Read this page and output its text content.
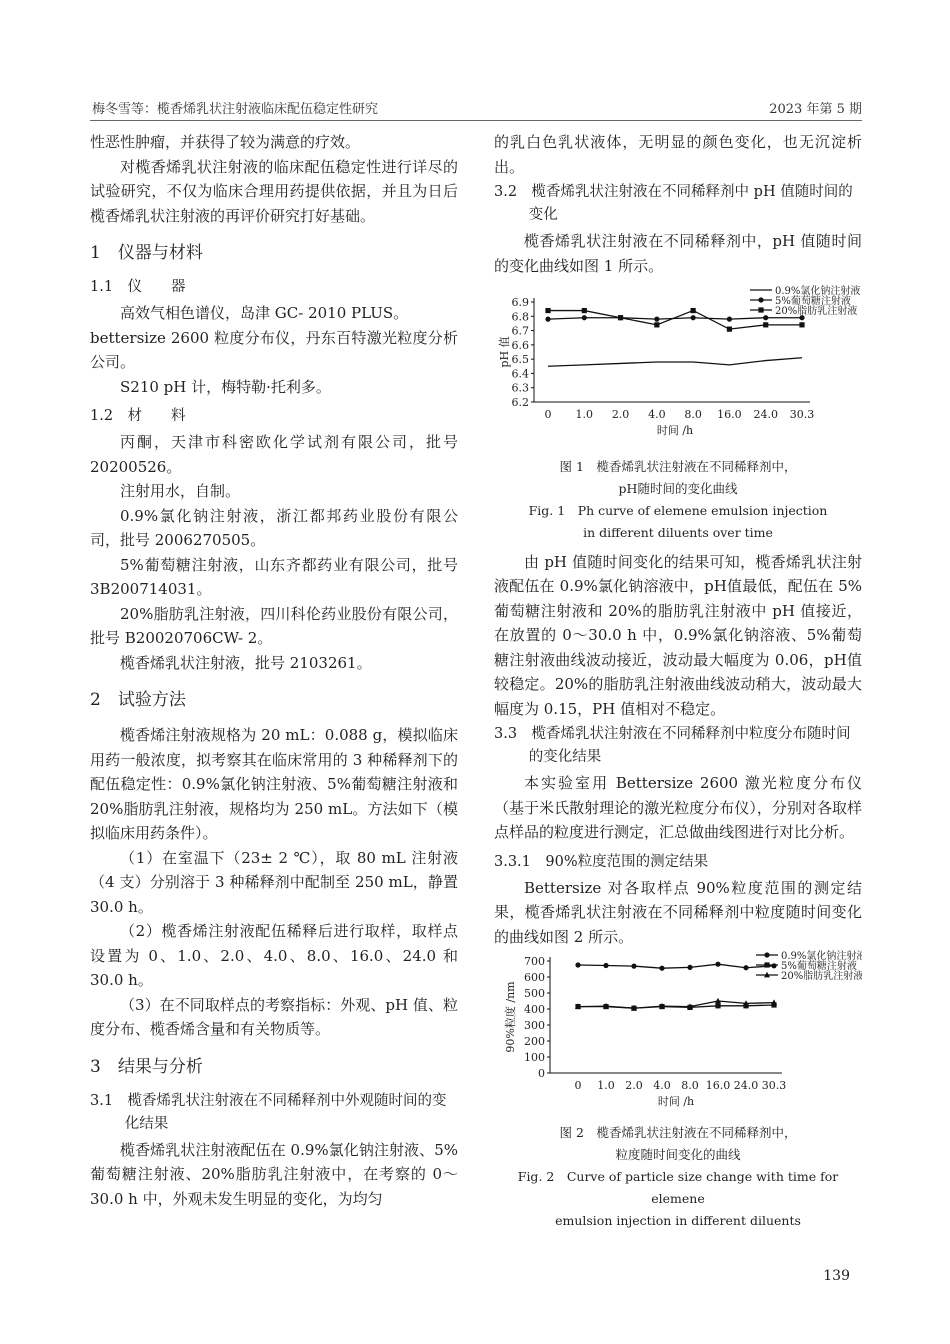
梅冬雪等：榄香烯乳状注射液临床配伍稳定性研究	2023 年第 5 期

性恶性肿瘤，并获得了较为满意的疗效。

对榄香烯乳状注射液的临床配伍稳定性进行详尽的试验研究，不仅为临床合理用药提供依据，并且为日后榄香烯乳状注射液的再评价研究打好基础。

1　仪器与材料
1.1　仪　　器

高效气相色谱仪，岛津 GC- 2010 PLUS。

bettersize 2600 粒度分布仪，丹东百特激光粒度分析公司。

S210 pH 计，梅特勒·托利多。

1.2　材　　料

丙酮，天津市科密欧化学试剂有限公司，批号 20200526。

注射用水，自制。

0.9%氯化钠注射液，浙江都邦药业股份有限公司，批号 2006270505。

5%葡萄糖注射液，山东齐都药业有限公司，批号 3B200714031。

20%脂肪乳注射液，四川科伦药业股份有限公司，批号 B20020706CW- 2。

榄香烯乳状注射液，批号 2103261。

2　试验方法

榄香烯注射液规格为 20 mL：0.088 g，模拟临床用药一般浓度，拟考察其在临床常用的 3 种稀释剂下的配伍稳定性：0.9%氯化钠注射液、5%葡萄糖注射液和 20%脂肪乳注射液，规格均为 250 mL。方法如下（模拟临床用药条件）。

（1）在室温下（23± 2 ℃），取 80 mL 注射液（4 支）分别溶于 3 种稀释剂中配制至 250 mL，静置 30.0 h。

（2）榄香烯注射液配伍稀释后进行取样，取样点设置为 0、1.0、2.0、4.0、8.0、16.0、24.0 和 30.0 h。

（3）在不同取样点的考察指标：外观、pH 值、粒度分布、榄香烯含量和有关物质等。

3　结果与分析
3.1　榄香烯乳状注射液在不同稀释剂中外观随时间的变化结果

榄香烯乳状注射液配伍在 0.9%氯化钠注射液、5%葡萄糖注射液、20%脂肪乳注射液中，在考察的 0～30.0 h 中，外观未发生明显的变化，为均匀

的乳白色乳状液体，无明显的颜色变化，也无沉淀析出。

3.2　榄香烯乳状注射液在不同稀释剂中 pH 值随时间的变化

榄香烯乳状注射液在不同稀释剂中，pH 值随时间的变化曲线如图 1 所示。

6.2
6.3
6.4
6.5
6.6
6.7
6.8
6.9
0 1.0 2.0 4.0 8.0 16.0 24.0 30.3
时间 /h
pH 值
0.9%氯化钠注射液
5%葡萄糖注射液
20%脂肪乳注射液

图 1　榄香烯乳状注射液在不同稀释剂中，

pH随时间的变化曲线

Fig. 1　Ph curve of elemene emulsion injection

in different diluents over time

由 pH 值随时间变化的结果可知，榄香烯乳状注射液配伍在 0.9%氯化钠溶液中，pH值最低，配伍在 5%葡萄糖注射液和 20%的脂肪乳注射液中 pH 值接近，在放置的 0～30.0 h 中，0.9%氯化钠溶液、5%葡萄糖注射液曲线波动接近，波动最大幅度为 0.06，pH值较稳定。20%的脂肪乳注射液曲线波动稍大，波动最大幅度为 0.15，PH 值相对不稳定。

3.3　榄香烯乳状注射液在不同稀释剂中粒度分布随时间的变化结果

本实验室用 Bettersize 2600 激光粒度分布仪（基于米氏散射理论的激光粒度分布仪），分别对各取样点样品的粒度进行测定，汇总做曲线图进行对比分析。

3.3.1　90%粒度范围的测定结果

Bettersize 对各取样点 90%粒度范围的测定结果，榄香烯乳状注射液在不同稀释剂中粒度随时间变化的曲线如图 2 所示。

0
100
200
300
400
500
600
700
0 1.0 2.0 4.0 8.0 16.0 24.0 30.3
时间 /h
90%粒度 /nm
0.9%氯化钠注射液
5%葡萄糖注射液
20%脂肪乳注射液

图 2　榄香烯乳状注射液在不同稀释剂中，

粒度随时间变化的曲线

Fig. 2　Curve of particle size change with time for elemene

emulsion injection in different diluents

139
